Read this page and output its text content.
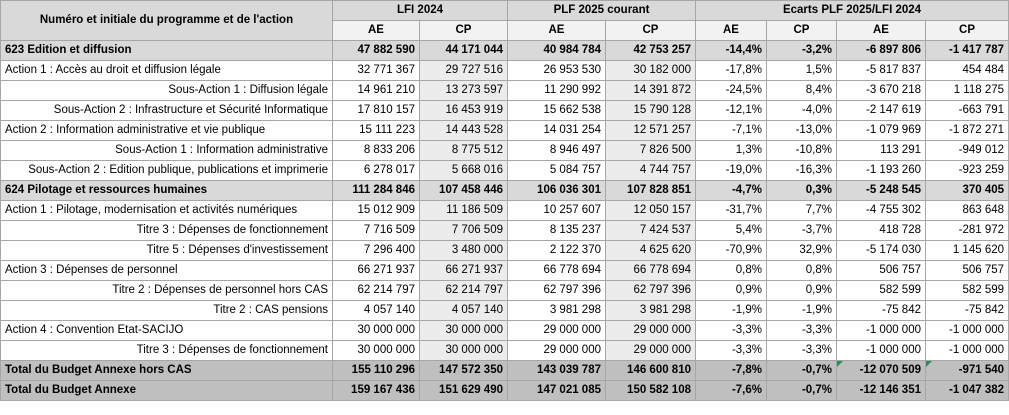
Numéro et initiale du programme et de l'action	LFI 2024		PLF 2025 courant		Ecarts PLF 2025/LFI 2024			
	AE	CP	AE	CP	AE	CP	AE	CP
623 Edition et diffusion	47 882 590	44 171 044	40 984 784	42 753 257	-14,4%	-3,2%	-6 897 806	-1 417 787
Action 1 : Accès au droit et diffusion légale	32 771 367	29 727 516	26 953 530	30 182 000	-17,8%	1,5%	-5 817 837	454 484
Sous-Action 1 : Diffusion légale	14 961 210	13 273 597	11 290 992	14 391 872	-24,5%	8,4%	-3 670 218	1 118 275
Sous-Action 2 : Infrastructure et Sécurité Informatique	17 810 157	16 453 919	15 662 538	15 790 128	-12,1%	-4,0%	-2 147 619	-663 791
Action 2 : Information administrative et vie publique	15 111 223	14 443 528	14 031 254	12 571 257	-7,1%	-13,0%	-1 079 969	-1 872 271
Sous-Action 1 : Information administrative	8 833 206	8 775 512	8 946 497	7 826 500	1,3%	-10,8%	113 291	-949 012
Sous-Action 2 : Edition publique, publications et imprimerie	6 278 017	5 668 016	5 084 757	4 744 757	-19,0%	-16,3%	-1 193 260	-923 259
624 Pilotage et ressources humaines	111 284 846	107 458 446	106 036 301	107 828 851	-4,7%	0,3%	-5 248 545	370 405
Action 1 : Pilotage, modernisation et activités numériques	15 012 909	11 186 509	10 257 607	12 050 157	-31,7%	7,7%	-4 755 302	863 648
Titre 3 : Dépenses de fonctionnement	7 716 509	7 706 509	8 135 237	7 424 537	5,4%	-3,7%	418 728	-281 972
Titre 5 : Dépenses d'investissement	7 296 400	3 480 000	2 122 370	4 625 620	-70,9%	32,9%	-5 174 030	1 145 620
Action 3 : Dépenses de personnel	66 271 937	66 271 937	66 778 694	66 778 694	0,8%	0,8%	506 757	506 757
Titre 2 : Dépenses de personnel hors CAS	62 214 797	62 214 797	62 797 396	62 797 396	0,9%	0,9%	582 599	582 599
Titre 2 : CAS pensions	4 057 140	4 057 140	3 981 298	3 981 298	-1,9%	-1,9%	-75 842	-75 842
Action 4 : Convention Etat-SACIJO	30 000 000	30 000 000	29 000 000	29 000 000	-3,3%	-3,3%	-1 000 000	-1 000 000
Titre 3 : Dépenses de fonctionnement	30 000 000	30 000 000	29 000 000	29 000 000	-3,3%	-3,3%	-1 000 000	-1 000 000
Total du Budget Annexe hors CAS	155 110 296	147 572 350	143 039 787	146 600 810	-7,8%	-0,7%	-12 070 509	-971 540
Total du Budget Annexe	159 167 436	151 629 490	147 021 085	150 582 108	-7,6%	-0,7%	-12 146 351	-1 047 382
